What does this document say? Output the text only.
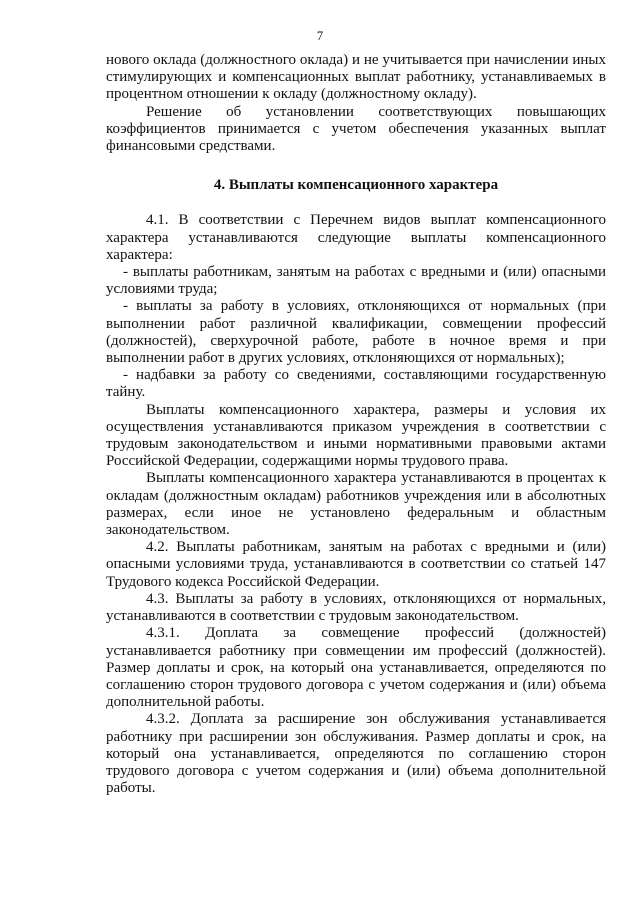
7

нового оклада (должностного оклада) и не учитывается при начислении иных стимулирующих и компенсационных выплат работнику, устанавливаемых в процентном отношении к окладу (должностному окладу).

Решение об установлении соответствующих повышающих коэффициентов принимается с учетом обеспечения указанных выплат финансовыми средствами.

4. Выплаты компенсационного характера

4.1. В соответствии с Перечнем видов выплат компенсационного характера устанавливаются следующие выплаты компенсационного характера:

- выплаты работникам, занятым на работах с вредными и (или) опасными условиями труда;

- выплаты за работу в условиях, отклоняющихся от нормальных (при выполнении работ различной квалификации, совмещении профессий (должностей), сверхурочной работе, работе в ночное время и при выполнении работ в других условиях, отклоняющихся от нормальных);

- надбавки за работу со сведениями, составляющими государственную тайну.

Выплаты компенсационного характера, размеры и условия их осуществления устанавливаются приказом учреждения в соответствии с трудовым законодательством и иными нормативными правовыми актами Российской Федерации, содержащими нормы трудового права.

Выплаты компенсационного характера устанавливаются в процентах к окладам (должностным окладам) работников учреждения или в абсолютных размерах, если иное не установлено федеральным и областным законодательством.

4.2. Выплаты работникам, занятым на работах с вредными и (или) опасными условиями труда, устанавливаются в соответствии со статьей 147 Трудового кодекса Российской Федерации.

4.3. Выплаты за работу в условиях, отклоняющихся от нормальных, устанавливаются в соответствии с трудовым законодательством.

4.3.1. Доплата за совмещение профессий (должностей) устанавливается работнику при совмещении им профессий (должностей). Размер доплаты и срок, на который она устанавливается, определяются по соглашению сторон трудового договора с учетом содержания и (или) объема дополнительной работы.

4.3.2. Доплата за расширение зон обслуживания устанавливается работнику при расширении зон обслуживания. Размер доплаты и срок, на который она устанавливается, определяются по соглашению сторон трудового договора с учетом содержания и (или) объема дополнительной работы.
